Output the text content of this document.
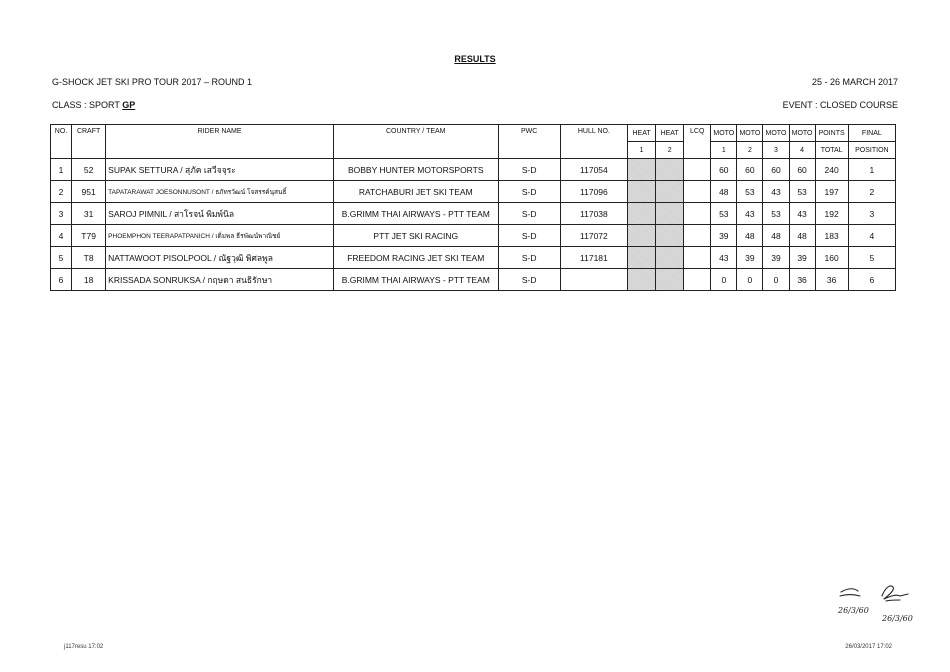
RESULTS
G-SHOCK JET SKI PRO TOUR 2017 – ROUND 1	25 - 26 MARCH 2017
CLASS : SPORT GP	EVENT : CLOSED COURSE
NO.	CRAFT	RIDER NAME	COUNTRY / TEAM	PWC	HULL NO.	HEAT	HEAT	LCQ	MOTO	MOTO	MOTO	MOTO	POINTS	FINAL
						1	2		1	2	3	4	TOTAL	POSITION
1	52	SUPAK SETTURA / สุภัค เสวีจจุระ	BOBBY HUNTER MOTORSPORTS	S-D	117054				60	60	60	60	240	1
2	951	TAPATARAWAT JOESONNUSONT / ธภัทรวัฒน์ โจสรรค์นุสนธิ์	RATCHABURI JET SKI TEAM	S-D	117096				48	53	43	53	197	2
3	31	SAROJ PIMNIL / สาโรจน์ พิมพ์นิล	B.GRIMM THAI AIRWAYS - PTT TEAM	S-D	117038				53	43	53	43	192	3
4	T79	PHOEMPHON TEERAPATPANICH / เติ่มพล ธีรพัฒน์พาณิชย์	PTT JET SKI RACING	S-D	117072				39	48	48	48	183	4
5	T8	NATTAWOOT PISOLPOOL / ณัฐวุฒิ พิศลพูล	FREEDOM RACING JET SKI TEAM	S-D	117181				43	39	39	39	160	5
6	18	KRISSADA SONRUKSA / กฤษดา สนธิรักษา	B.GRIMM THAI AIRWAYS - PTT TEAM	S-D					0	0	0	36	36	6
26/3/60
26/3/60
j117resu 17:02	26/03/2017 17:02
